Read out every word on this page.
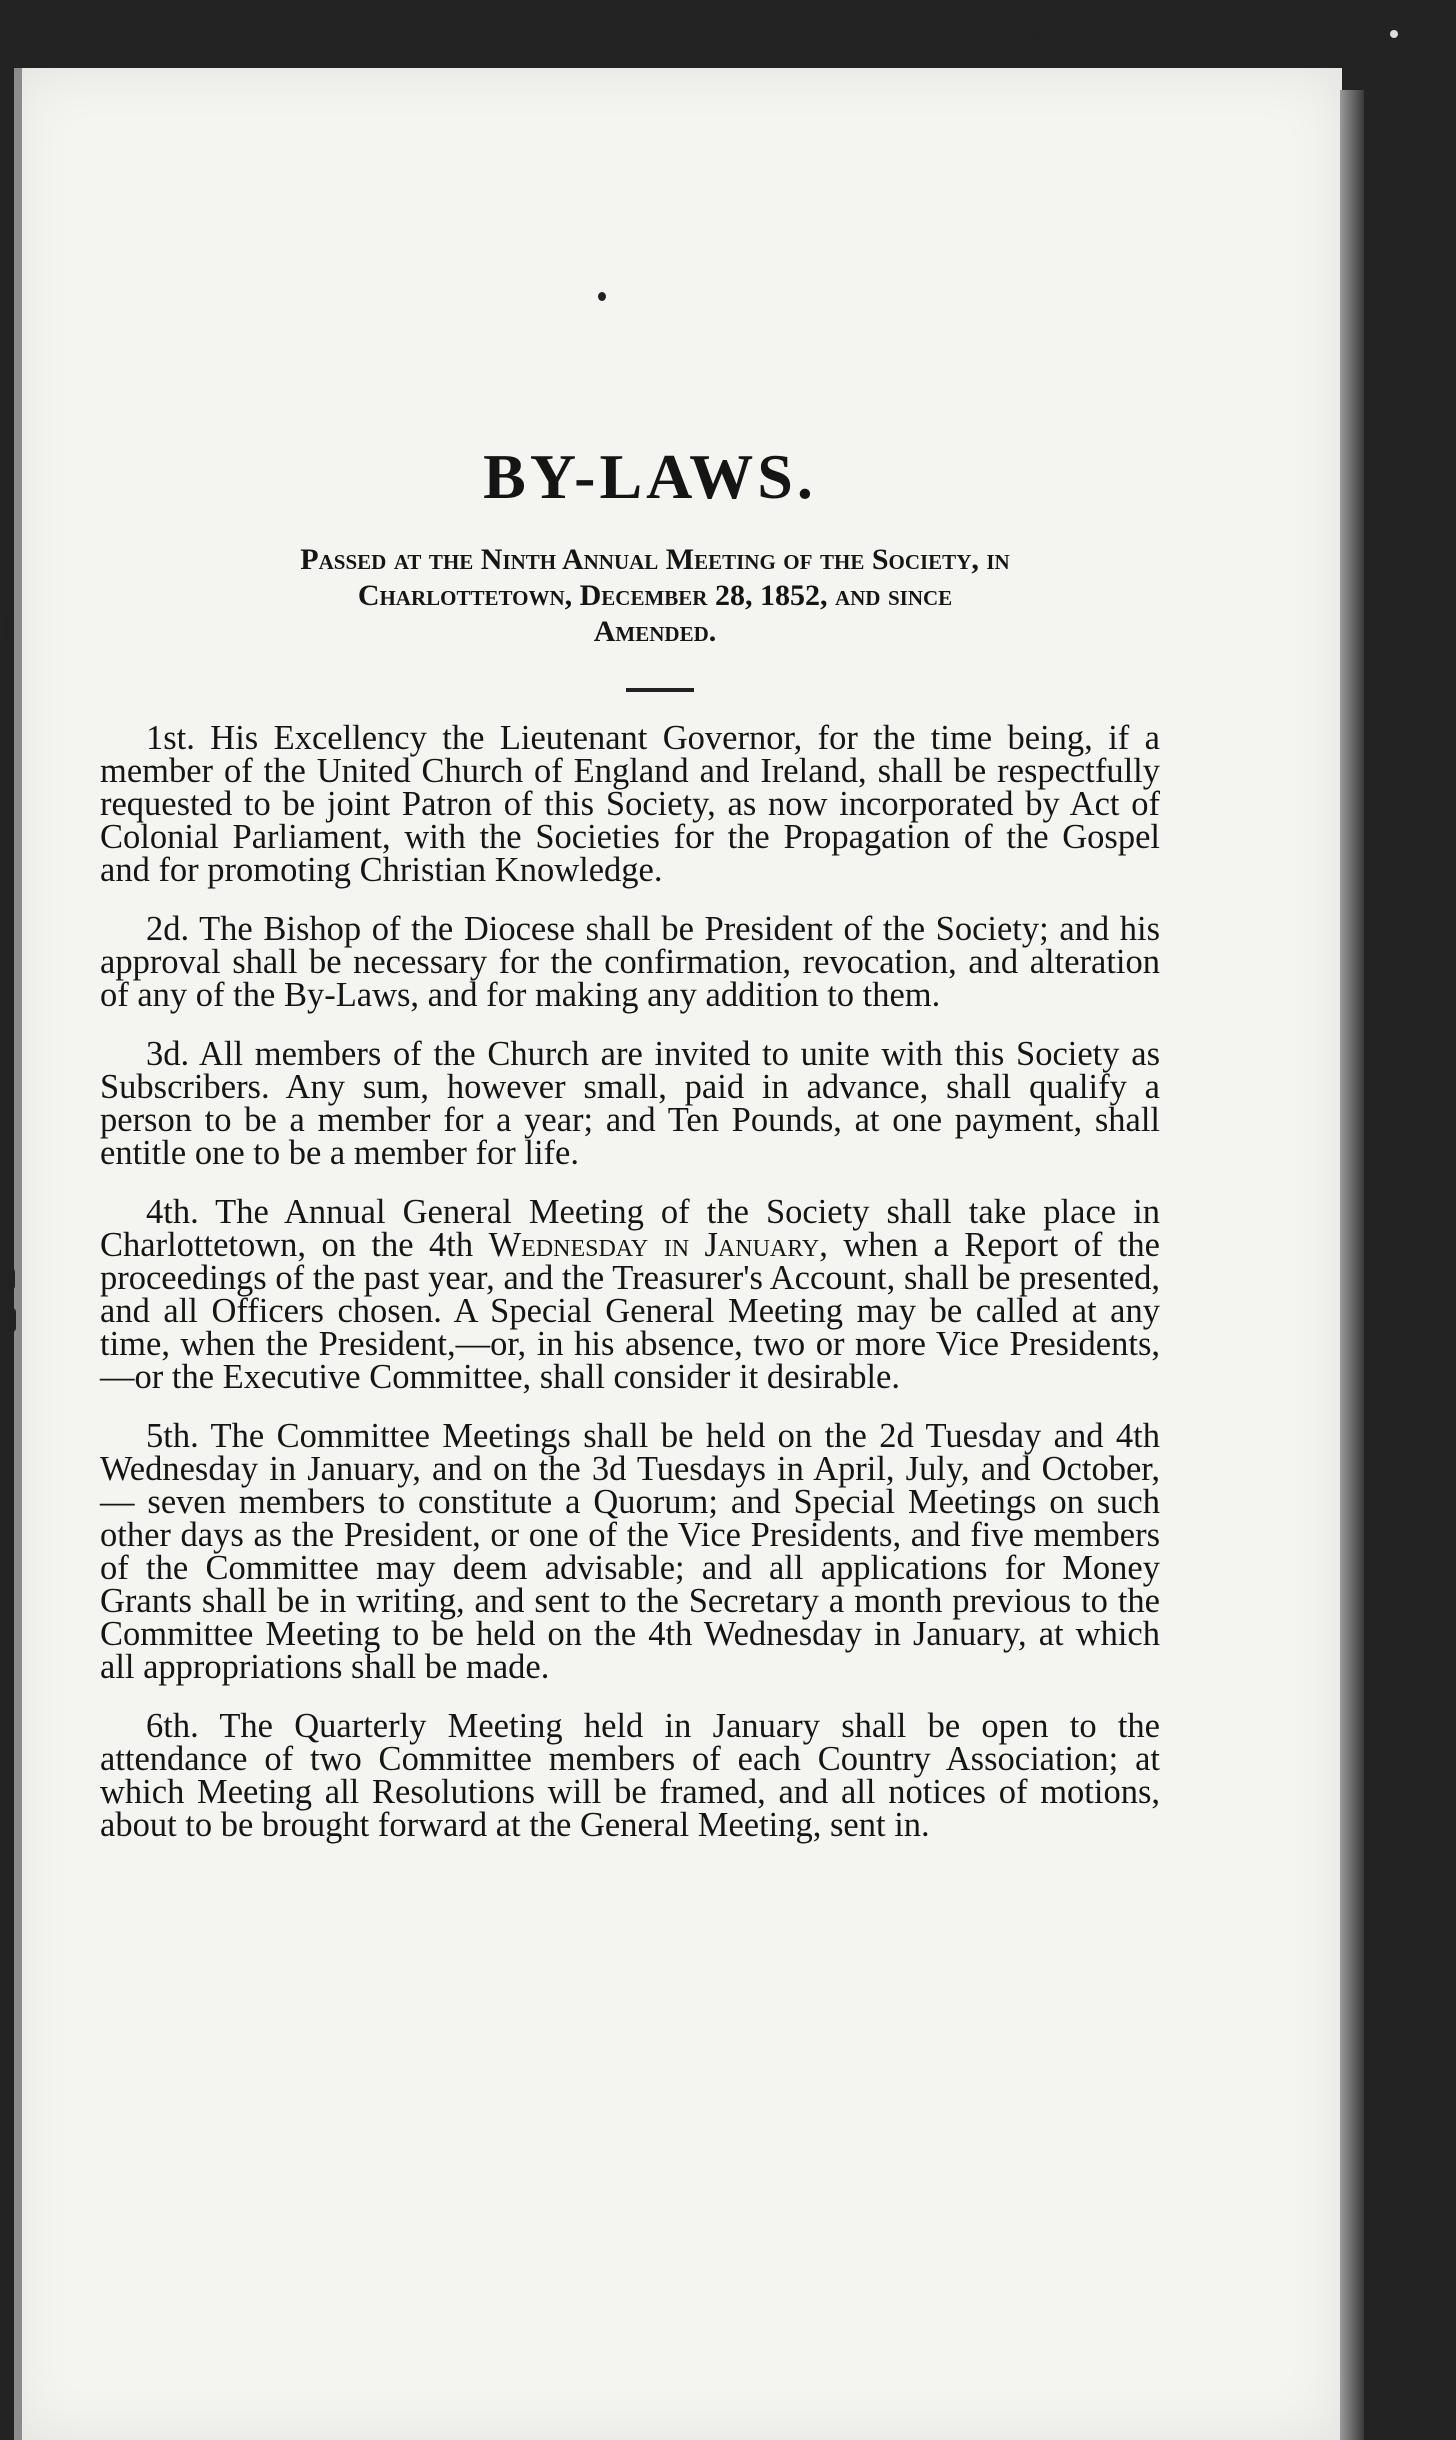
BY-LAWS.
Passed at the Ninth Annual Meeting of the Society, in
Charlottetown, December 28, 1852, and since
Amended.

1st. His Excellency the Lieutenant Governor, for the time being, if a member of the United Church of England and Ireland, shall be respectfully requested to be joint Patron of this Society, as now incorporated by Act of Colonial Parliament, with the Societies for the Propagation of the Gospel and for promoting Christian Knowledge.

2d. The Bishop of the Diocese shall be President of the Society; and his approval shall be necessary for the confirmation, revocation, and alteration of any of the By-Laws, and for making any addition to them.

3d. All members of the Church are invited to unite with this Society as Subscribers. Any sum, however small, paid in advance, shall qualify a person to be a member for a year; and Ten Pounds, at one payment, shall entitle one to be a member for life.

4th. The Annual General Meeting of the Society shall take place in Charlottetown, on the 4th Wednesday in January, when a Report of the proceedings of the past year, and the Treasurer's Account, shall be presented, and all Officers chosen. A Special General Meeting may be called at any time, when the President,—or, in his absence, two or more Vice Presidents,—or the Executive Committee, shall consider it desirable.

5th. The Committee Meetings shall be held on the 2d Tuesday and 4th Wednesday in January, and on the 3d Tuesdays in April, July, and October, — seven members to constitute a Quorum; and Special Meetings on such other days as the President, or one of the Vice Presidents, and five members of the Committee may deem advisable; and all applications for Money Grants shall be in writing, and sent to the Secretary a month previous to the Committee Meeting to be held on the 4th Wednesday in January, at which all appropriations shall be made.

6th. The Quarterly Meeting held in January shall be open to the attendance of two Committee members of each Country Association; at which Meeting all Resolutions will be framed, and all notices of motions, about to be brought forward at the General Meeting, sent in.
